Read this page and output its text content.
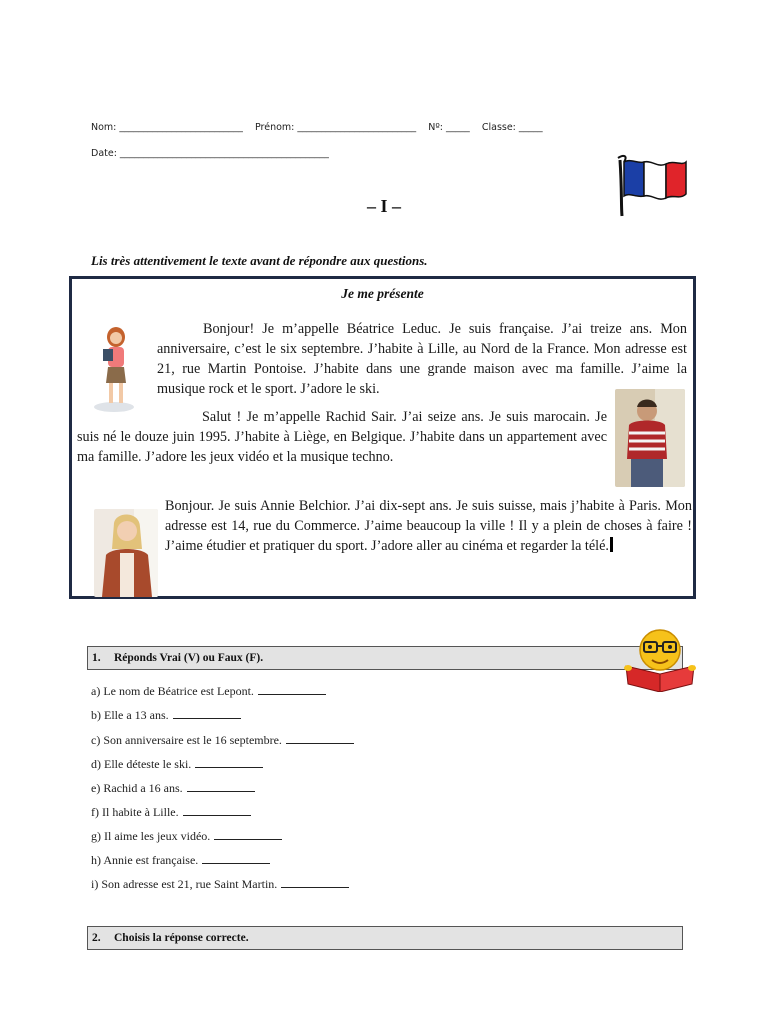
Nom: __________________________    Prénom: _________________________    Nº: _____    Classe: _____
Date: ____________________________________________
– I –
Lis très attentivement le texte avant de répondre aux questions.
Je me présente
Bonjour! Je m’appelle Béatrice Leduc. Je suis française. J’ai treize ans. Mon anniversaire, c’est le six septembre. J’habite à Lille, au Nord de la France. Mon adresse est 21, rue Martin Pontoise. J’habite dans une grande maison avec ma famille. J’aime la musique rock et le sport. J’adore le ski.
Salut ! Je m’appelle Rachid Sair. J’ai seize ans. Je suis marocain. Je suis né le douze juin 1995. J’habite à Liège, en Belgique. J’habite dans un appartement avec ma famille. J’adore les jeux vidéo et la musique techno.
Bonjour. Je suis Annie Belchior. J’ai dix-sept ans. Je suis suisse, mais j’habite à Paris. Mon adresse est 14, rue du Commerce. J’aime beaucoup la ville ! Il y a plein de choses à faire ! J’aime étudier et pratiquer du sport. J’adore aller au cinéma et regarder la télé.
1. Réponds Vrai (V) ou Faux (F).
a) Le nom de Béatrice est Lepont.
b) Elle a 13 ans.
c) Son anniversaire est le 16 septembre.
d) Elle déteste le ski.
e) Rachid a 16 ans.
f) Il habite à Lille.
g) Il aime les jeux vidéo.
h) Annie est française.
i) Son adresse est 21, rue Saint Martin.
2. Choisis la réponse correcte.
